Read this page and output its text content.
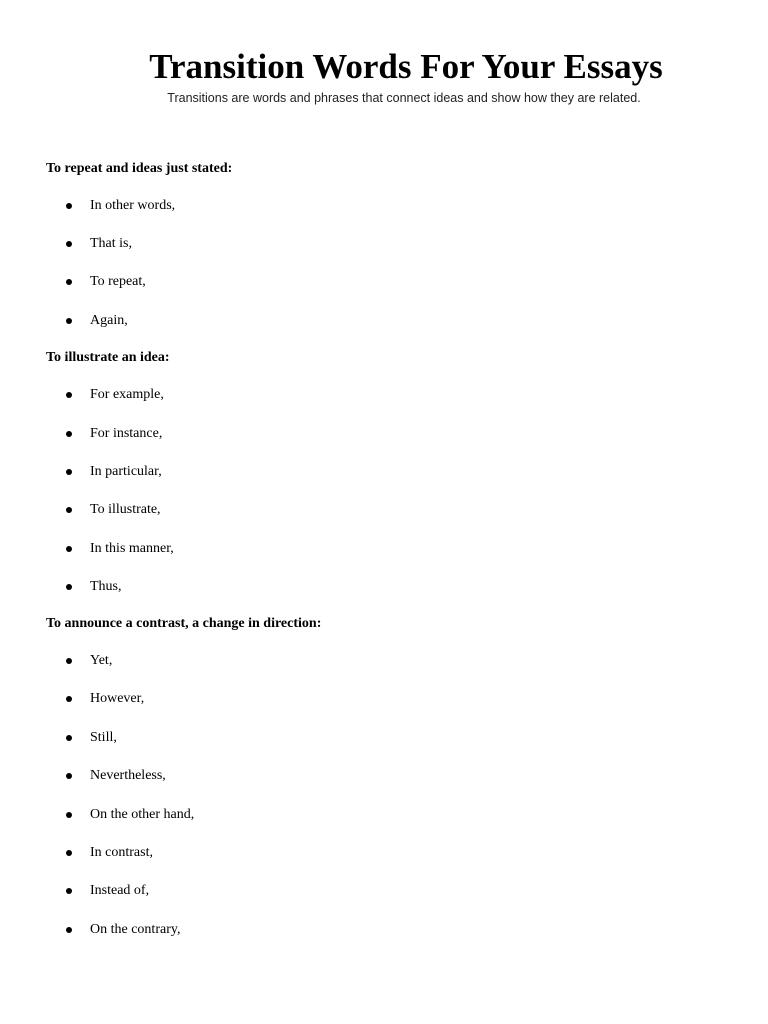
Transition Words For Your Essays

Transitions are words and phrases that connect ideas and show how they are related.

To repeat and ideas just stated:
In other words,
That is,
To repeat,
Again,
To illustrate an idea:
For example,
For instance,
In particular,
To illustrate,
In this manner,
Thus,
To announce a contrast, a change in direction:
Yet,
However,
Still,
Nevertheless,
On the other hand,
In contrast,
Instead of,
On the contrary,
